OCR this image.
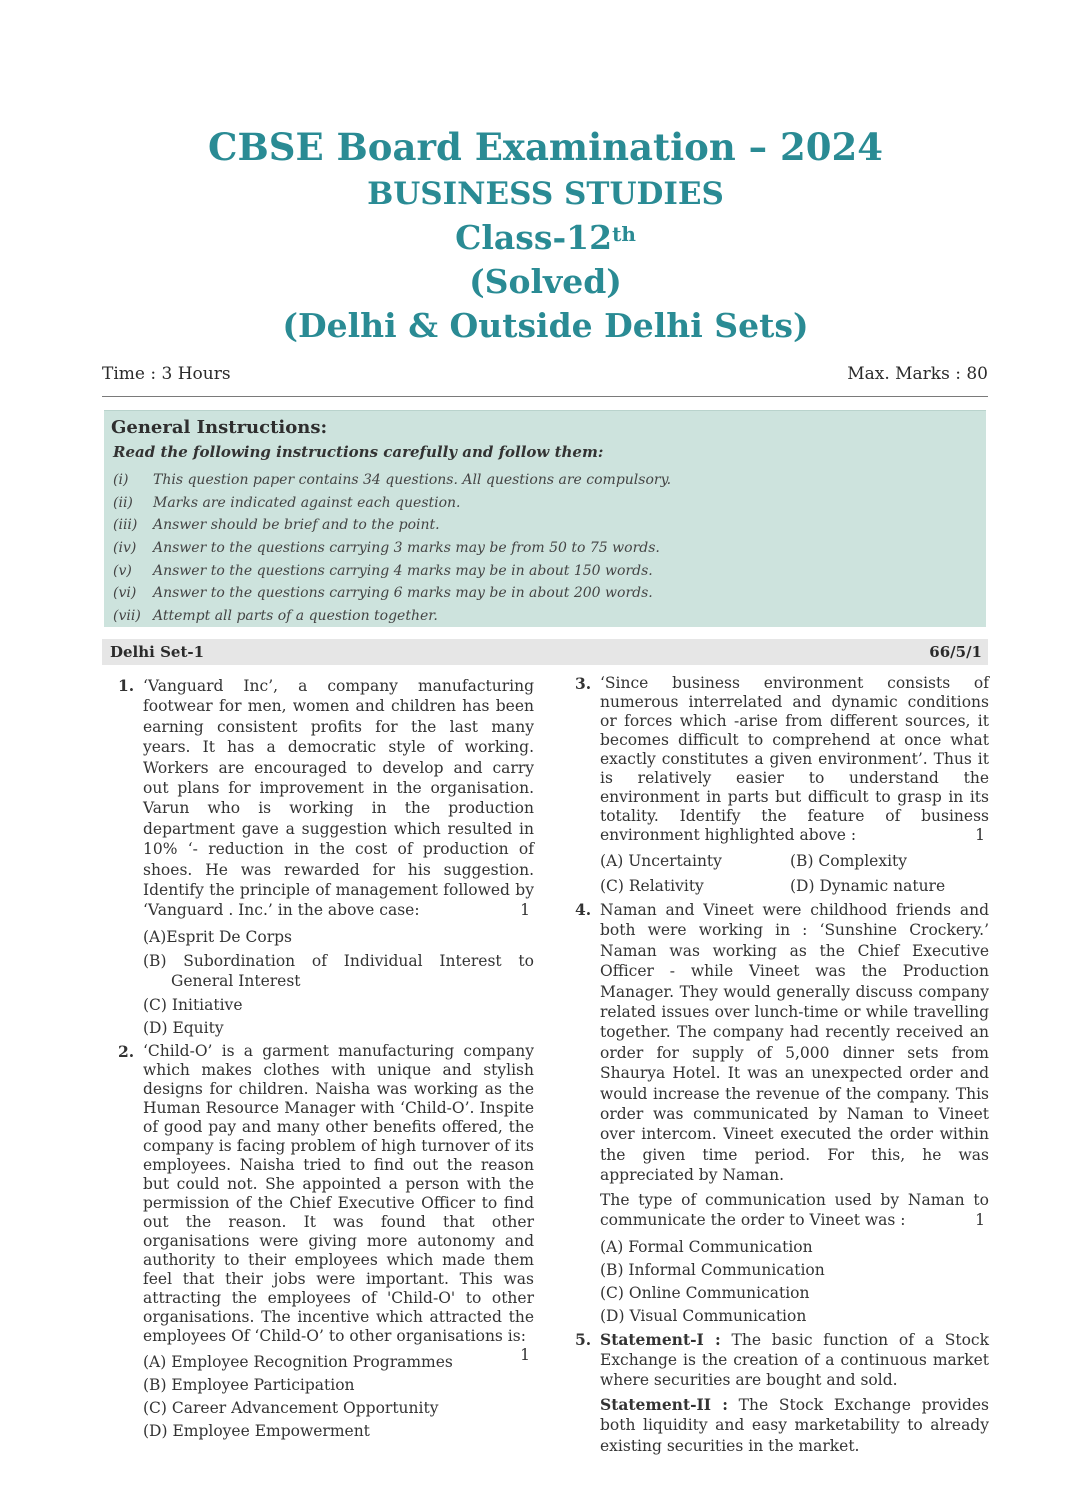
CBSE Board Examination – 2024
BUSINESS STUDIES
Class-12th
(Solved)
(Delhi & Outside Delhi Sets)
Time : 3 Hours	Max. Marks : 80
General Instructions:
Read the following instructions carefully and follow them:
(i) This question paper contains 34 questions. All questions are compulsory.
(ii) Marks are indicated against each question.
(iii) Answer should be brief and to the point.
(iv) Answer to the questions carrying 3 marks may be from 50 to 75 words.
(v) Answer to the questions carrying 4 marks may be in about 150 words.
(vi) Answer to the questions carrying 6 marks may be in about 200 words.
(vii) Attempt all parts of a question together.
Delhi Set-1	66/5/1
1. ‘Vanguard Inc’, a company manufacturing footwear for men, women and children has been earning consistent profits for the last many years. It has a democratic style of working. Workers are encouraged to develop and carry out plans for improvement in the organisation. Varun who is working in the production department gave a suggestion which resulted in 10% ‘- reduction in the cost of production of shoes. He was rewarded for his suggestion. Identify the principle of management followed by ‘Vanguard . Inc.’ in the above case:	1

(A)Esprit De Corps
(B) Subordination of Individual Interest to General Interest
(C) Initiative
(D) Equity
2. ‘Child-O’ is a garment manufacturing company which makes clothes with unique and stylish designs for children. Naisha was working as the Human Resource Manager with ‘Child-O’. Inspite of good pay and many other benefits offered, the company is facing problem of high turnover of its employees. Naisha tried to find out the reason but could not. She appointed a person with the permission of the Chief Executive Officer to find out the reason. It was found that other organisations were giving more autonomy and authority to their employees which made them feel that their jobs were important. This was attracting the employees of 'Child-O' to other organisations. The incentive which attracted the employees Of ‘Child-O’ to other organisations is:
1

(A) Employee Recognition Programmes
(B) Employee Participation
(C) Career Advancement Opportunity
(D) Employee Empowerment
3. ‘Since business environment consists of numerous interrelated and dynamic conditions or forces which -arise from different sources, it becomes difficult to comprehend at once what exactly constitutes a given environment’. Thus it is relatively easier to understand the environment in parts but difficult to grasp in its totality. Identify the feature of business environment highlighted above :	1

(A) Uncertainty	(B) Complexity
(C) Relativity	(D) Dynamic nature
4. Naman and Vineet were childhood friends and both were working in : ‘Sunshine Crockery.’ Naman was working as the Chief Executive Officer - while Vineet was the Production Manager. They would generally discuss company related issues over lunch-time or while travelling together. The company had recently received an order for supply of 5,000 dinner sets from Shaurya Hotel. It was an unexpected order and would increase the revenue of the company. This order was communicated by Naman to Vineet over intercom. Vineet executed the order within the given time period. For this, he was appreciated by Naman.

The type of communication used by Naman to communicate the order to Vineet was :	1

(A) Formal Communication
(B) Informal Communication
(C) Online Communication
(D) Visual Communication
5. Statement-I : The basic function of a Stock Exchange is the creation of a continuous market where securities are bought and sold.

Statement-II : The Stock Exchange provides both liquidity and easy marketability to already existing securities in the market.
